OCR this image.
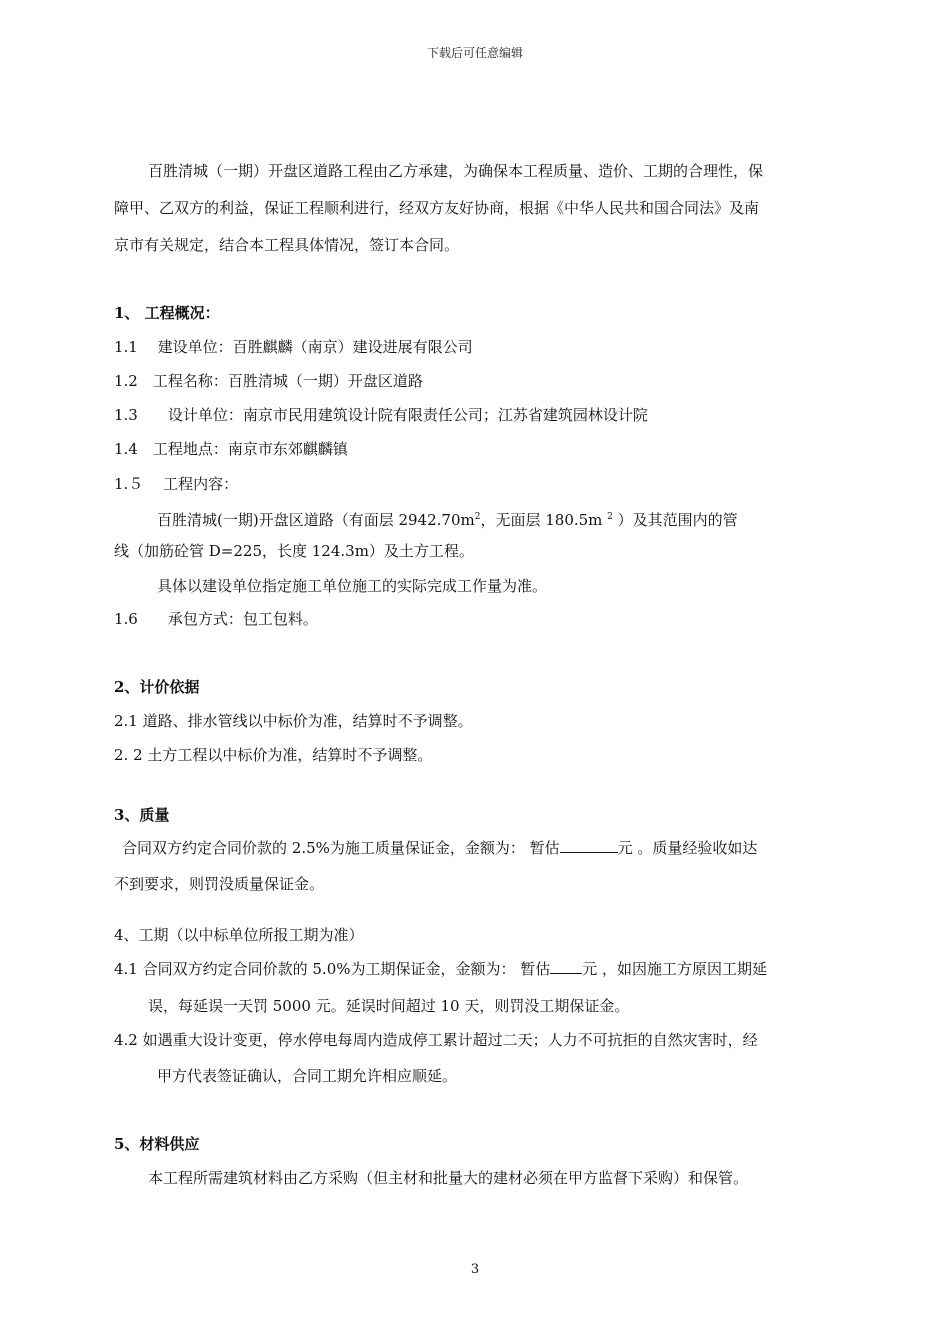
下载后可任意编辑
百胜清城（一期）开盘区道路工程由乙方承建，为确保本工程质量、造价、工期的合理性，保
障甲、乙双方的利益，保证工程顺利进行，经双方友好协商，根据《中华人民共和国合同法》及南
京市有关规定，结合本工程具体情况，签订本合同。
1、 工程概况：
1.1　 建设单位：百胜麒麟（南京）建设进展有限公司
1.2　工程名称：百胜清城（一期）开盘区道路
1.3　　设计单位：南京市民用建筑设计院有限责任公司；江苏省建筑园林设计院
1.4　工程地点：南京市东郊麒麟镇
1.５　 工程内容：
百胜清城(一期)开盘区道路（有面层 $2942.70m^2$，无面层 180.5m $^2$ ）及其范围内的管
线（加筋砼管 D=225，长度 124.3m）及土方工程。
具体以建设单位指定施工单位施工的实际完成工作量为准。
1.6　　承包方式：包工包料。
2、计价依据
2.1 道路、排水管线以中标价为准，结算时不予调整。
2. 2 土方工程以中标价为准，结算时不予调整。
3、质量
合同双方约定合同价款的 2.5%为施工质量保证金，金额为： 暂估	元 。质量经验收如达
不到要求，则罚没质量保证金。
4、工期（以中标单位所报工期为准）
4.1 合同双方约定合同价款的 5.0%为工期保证金，金额为： 暂估 元 ，如因施工方原因工期延
误，每延误一天罚 5000 元。延误时间超过 10 天，则罚没工期保证金。
4.2 如遇重大设计变更，停水停电每周内造成停工累计超过二天；人力不可抗拒的自然灾害时，经
甲方代表签证确认，合同工期允许相应顺延。
5、材料供应
本工程所需建筑材料由乙方采购（但主材和批量大的建材必须在甲方监督下采购）和保管。
3
